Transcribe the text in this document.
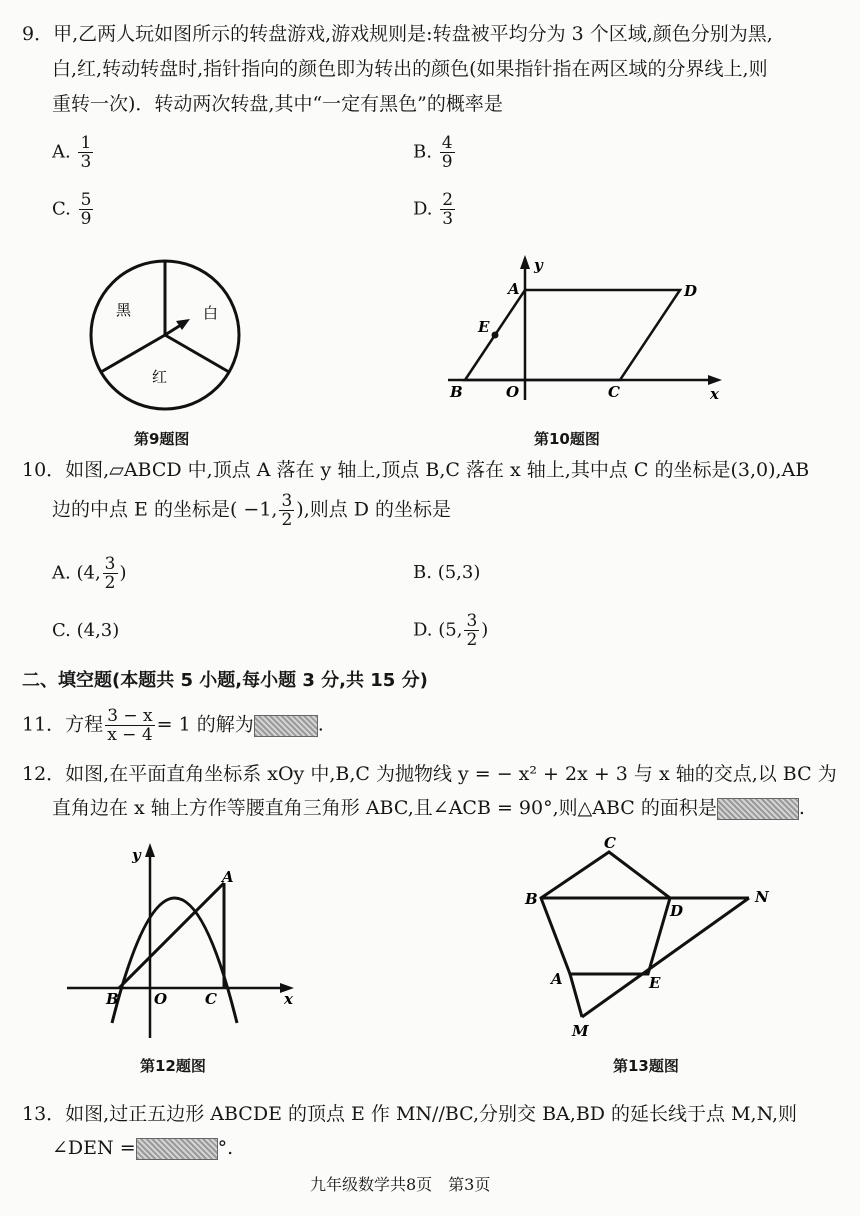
9．甲,乙两人玩如图所示的转盘游戏,游戏规则是:转盘被平均分为 3 个区域,颜色分别为黑,
白,红,转动转盘时,指针指向的颜色即为转出的颜色(如果指针指在两区域的分界线上,则
重转一次)．转动两次转盘,其中“一定有黑色”的概率是
A. $\frac{1}{3}$	B. $\frac{4}{9}$
C. $\frac{5}{9}$	D. $\frac{2}{3}$
黑	白
红
第9题图
y
A	D
E
B	O	C	x
第10题图
10．如图,▱ABCD 中,顶点 A 落在 y 轴上,顶点 B,C 落在 x 轴上,其中点 C 的坐标是(3,0),AB
边的中点 E 的坐标是( −1, $\frac{3}{2}$ ),则点 D 的坐标是
A. (4, $\frac{3}{2}$ )	B. (5,3)
C. (4,3)	D. (5, $\frac{3}{2}$ )
二、填空题(本题共 5 小题,每小题 3 分,共 15 分)
11．方程 $\frac{3 - x}{x - 4} = 1$ 的解为	.
12．如图,在平面直角坐标系 xOy 中,B,C 为抛物线 y = − x² + 2x + 3 与 x 轴的交点,以 BC 为
直角边在 x 轴上方作等腰直角三角形 ABC,且∠ACB = 90°,则△ABC 的面积是	.
y
A
B O	C	x
第12题图
C
B
D
N
A	E
M
第13题图
13．如图,过正五边形 ABCDE 的顶点 E 作 MN//BC,分别交 BA,BD 的延长线于点 M,N,则
∠DEN =	°.
九年级数学共8页　第3页
